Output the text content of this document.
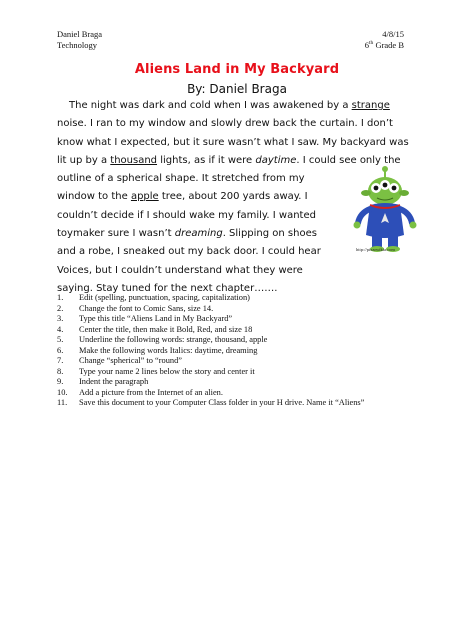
Daniel Braga
Technology
4/8/15
6th Grade B
Aliens Land in My Backyard
By: Daniel Braga
The night was dark and cold when I was awakened by a strange
noise. I ran to my window and slowly drew back the curtain. I don’t
know what I expected, but it sure wasn’t what I saw. My backyard was
lit up by a thousand lights, as if it were daytime. I could see only the
outline of a spherical shape. It stretched from my
window to the apple tree, about 200 yards away. I
couldn’t decide if I should wake my family. I wanted
toymaker sure I wasn’t dreaming. Slipping on shoes
and a robe, I sneaked out my back door. I could hear
Voices, but I couldn’t understand what they were
saying. Stay tuned for the next chapter…….
http://pixarwikia.com
1.	Edit (spelling, punctuation, spacing, capitalization)
2.	Change the font to Comic Sans, size 14.
3.	Type this title “Aliens Land in My Backyard”
4.	Center the title, then make it Bold, Red, and size 18
5.	Underline the following words: strange, thousand, apple
6.	Make the following words Italics: daytime, dreaming
7.	Change “spherical” to “round”
8.	Type your name 2 lines below the story and center it
9.	Indent the paragraph
10.	Add a picture from the Internet of an alien.
11.	Save this document to your Computer Class folder in your H drive. Name it “Aliens”
